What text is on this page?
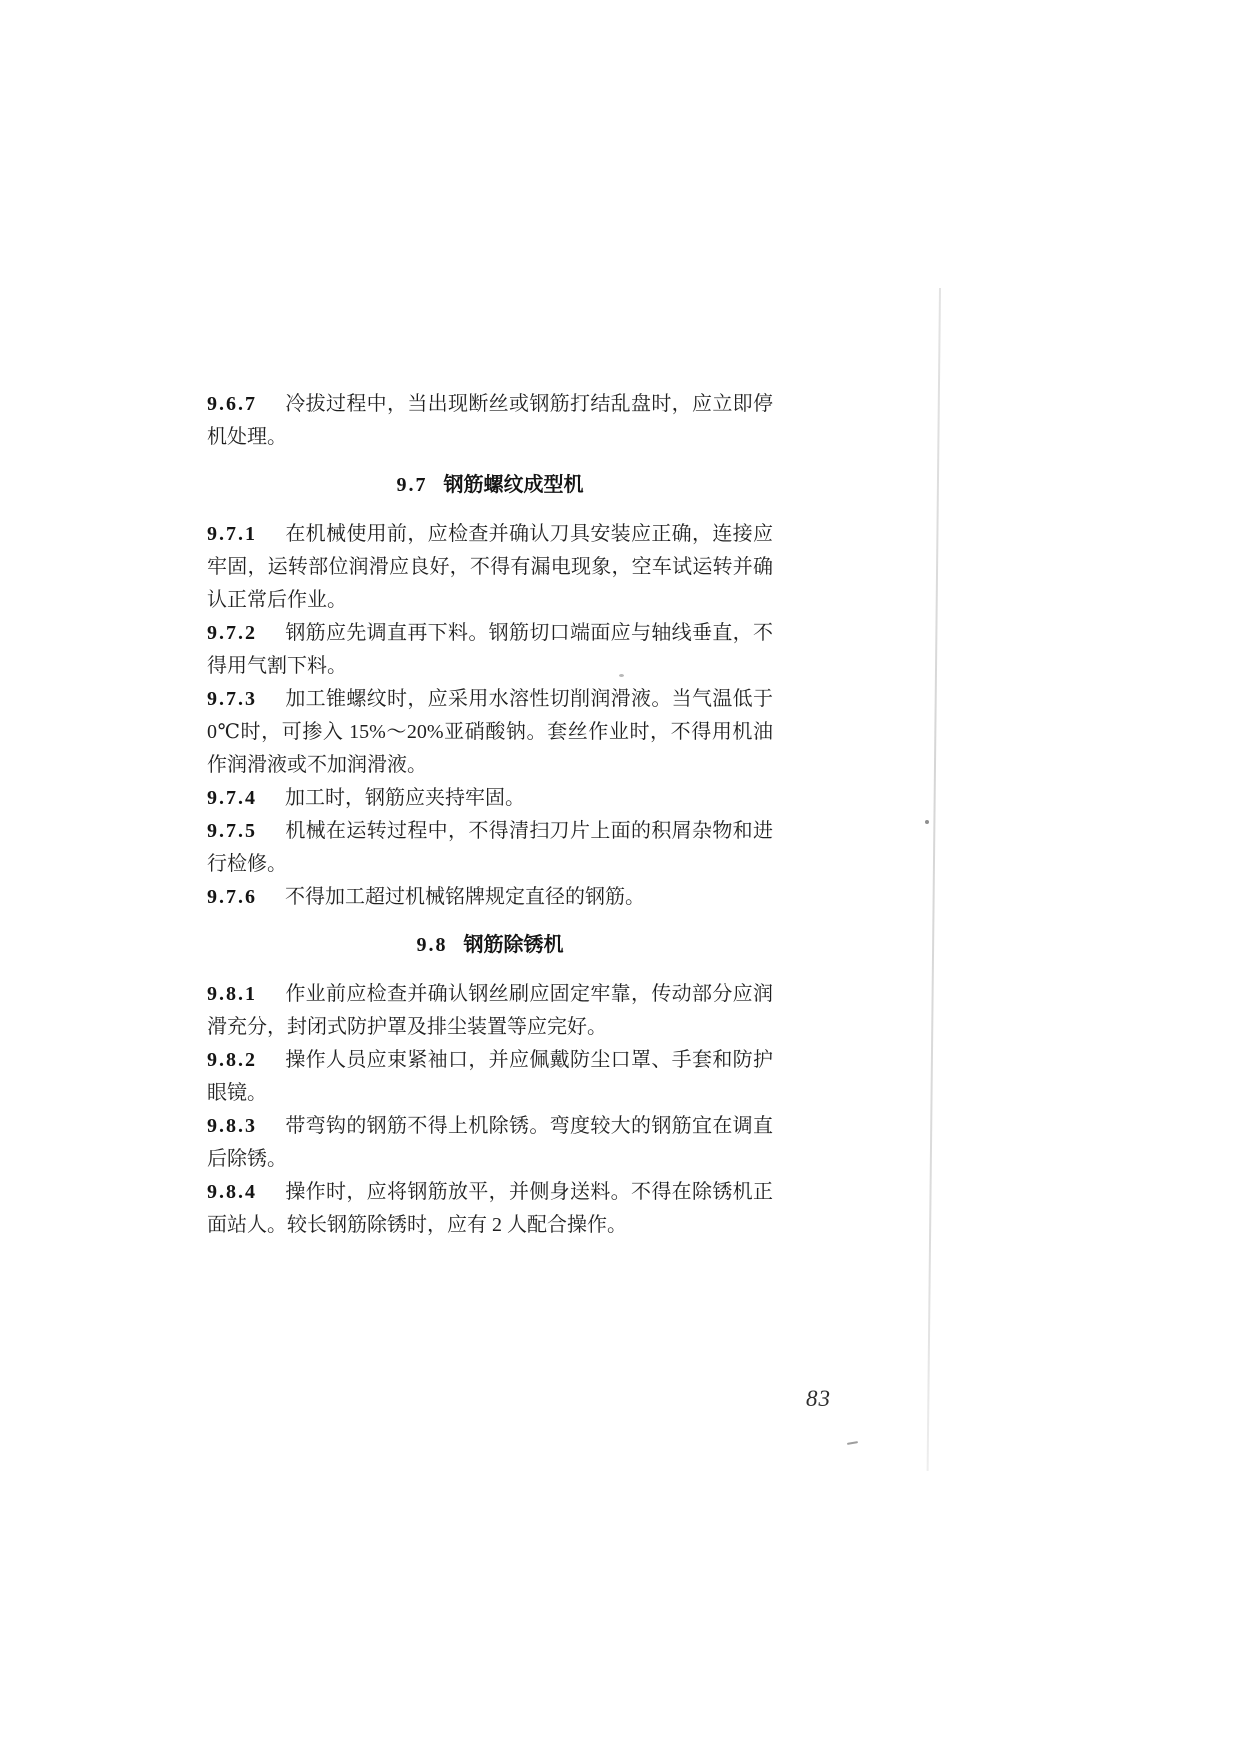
9.6.7 冷拔过程中，当出现断丝或钢筋打结乱盘时，应立即停机处理。

9.7 钢筋螺纹成型机

9.7.1 在机械使用前，应检查并确认刀具安装应正确，连接应牢固，运转部位润滑应良好，不得有漏电现象，空车试运转并确认正常后作业。

9.7.2 钢筋应先调直再下料。钢筋切口端面应与轴线垂直，不得用气割下料。

9.7.3 加工锥螺纹时，应采用水溶性切削润滑液。当气温低于0℃时，可掺入 15%～20%亚硝酸钠。套丝作业时，不得用机油作润滑液或不加润滑液。

9.7.4 加工时，钢筋应夹持牢固。

9.7.5 机械在运转过程中，不得清扫刀片上面的积屑杂物和进行检修。

9.7.6 不得加工超过机械铭牌规定直径的钢筋。

9.8 钢筋除锈机

9.8.1 作业前应检查并确认钢丝刷应固定牢靠，传动部分应润滑充分，封闭式防护罩及排尘装置等应完好。

9.8.2 操作人员应束紧袖口，并应佩戴防尘口罩、手套和防护眼镜。

9.8.3 带弯钩的钢筋不得上机除锈。弯度较大的钢筋宜在调直后除锈。

9.8.4 操作时，应将钢筋放平，并侧身送料。不得在除锈机正面站人。较长钢筋除锈时，应有 2 人配合操作。

83
